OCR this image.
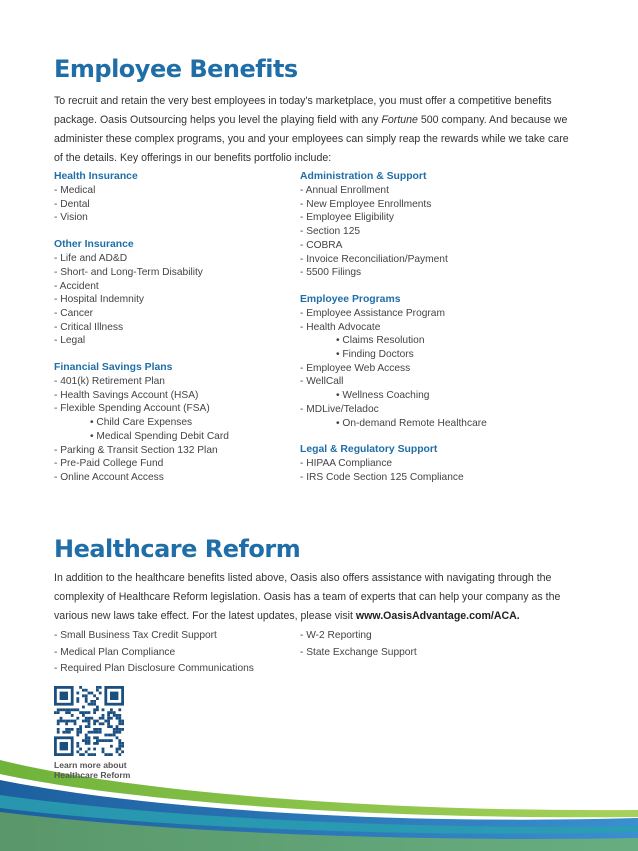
Employee Benefits

To recruit and retain the very best employees in today's marketplace, you must offer a competitive benefits package. Oasis Outsourcing helps you level the playing field with any Fortune 500 company. And because we administer these complex programs, you and your employees can simply reap the rewards while we take care of the details. Key offerings in our benefits portfolio include:

Health Insurance
- Medical
- Dental
- Vision
Other Insurance
- Life and AD&D
- Short- and Long-Term Disability
- Accident
- Hospital Indemnity
- Cancer
- Critical Illness
- Legal
Financial Savings Plans
- 401(k) Retirement Plan
- Health Savings Account (HSA)
- Flexible Spending Account (FSA)
• Child Care Expenses
• Medical Spending Debit Card
- Parking & Transit Section 132 Plan
- Pre-Paid College Fund
- Online Account Access
Administration & Support
- Annual Enrollment
- New Employee Enrollments
- Employee Eligibility
- Section 125
- COBRA
- Invoice Reconciliation/Payment
- 5500 Filings
Employee Programs
- Employee Assistance Program
- Health Advocate
• Claims Resolution
• Finding Doctors
- Employee Web Access
- WellCall
• Wellness Coaching
- MDLive/Teladoc
• On-demand Remote Healthcare
Legal & Regulatory Support
- HIPAA Compliance
- IRS Code Section 125 Compliance
Healthcare Reform

In addition to the healthcare benefits listed above, Oasis also offers assistance with navigating through the complexity of Healthcare Reform legislation. Oasis has a team of experts that can help your company as the various new laws take effect. For the latest updates, please visit www.OasisAdvantage.com/ACA.

- Small Business Tax Credit Support
- Medical Plan Compliance
- Required Plan Disclosure Communications
- W-2 Reporting
- State Exchange Support
Learn more about
Healthcare Reform
